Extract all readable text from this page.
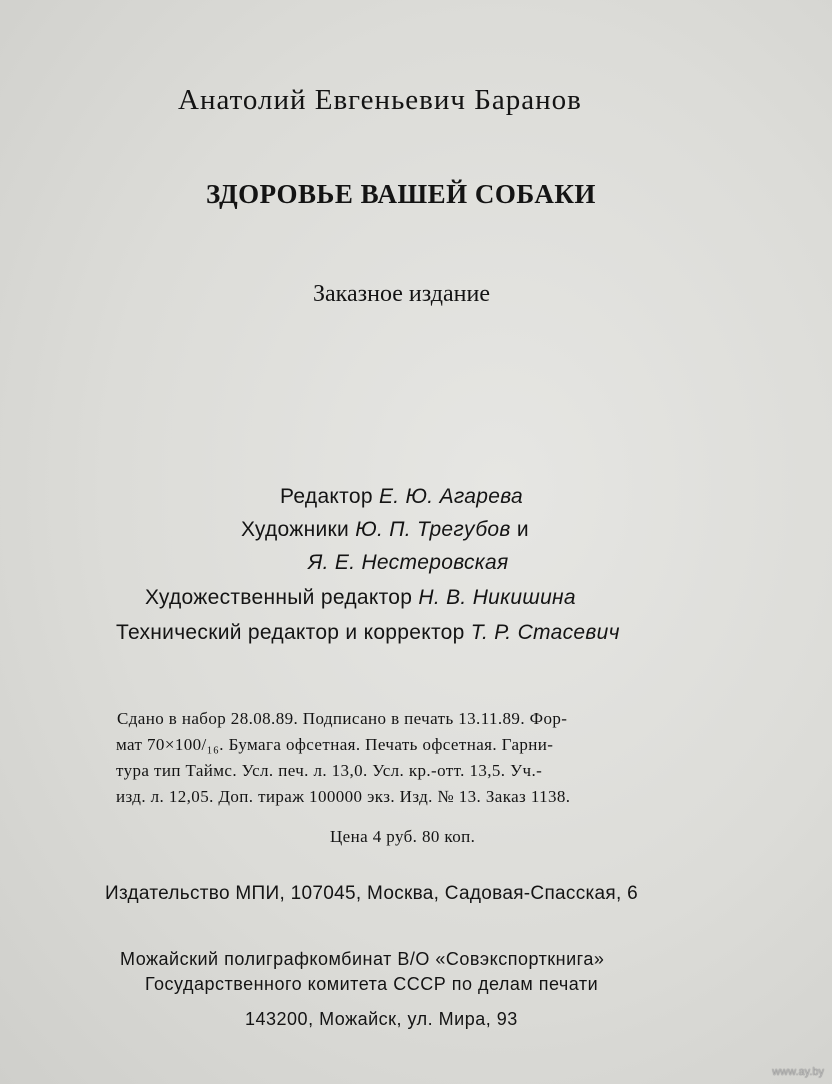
Анатолий Евгеньевич Баранов
ЗДОРОВЬЕ ВАШЕЙ СОБАКИ
Заказное издание
Редактор Е. Ю. Агарева
Художники Ю. П. Трегубов и
Я. Е. Нестеровская
Художественный редактор Н. В. Никишина
Технический редактор и корректор Т. Р. Стасевич
Сдано в набор 28.08.89. Подписано в печать 13.11.89. Фор-
мат 70×100/₁₆. Бумага офсетная. Печать офсетная. Гарни-
тура тип Таймс. Усл. печ. л. 13,0. Усл. кр.-отт. 13,5. Уч.-
изд. л. 12,05. Доп. тираж 100000 экз. Изд. № 13. Заказ 1138.
Цена 4 руб. 80 коп.
Издательство МПИ, 107045, Москва, Садовая-Спасская, 6
Можайский полиграфкомбинат В/О «Совэкспорткнига»
Государственного комитета СССР по делам печати
143200, Можайск, ул. Мира, 93
www.ay.by
